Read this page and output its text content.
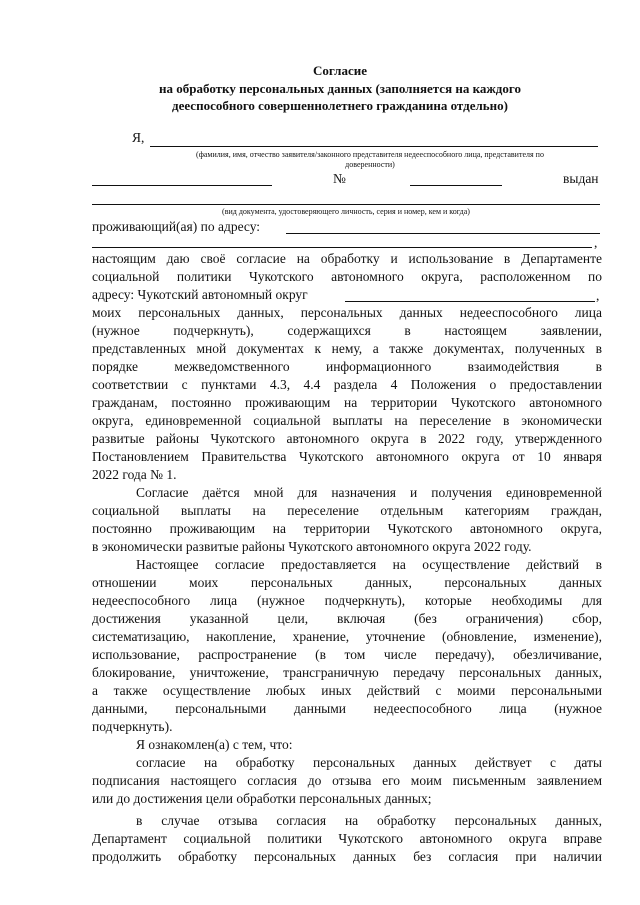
Согласие
на обработку персональных данных (заполняется на каждого
дееспособного совершеннолетнего гражданина отдельно)
Я,
(фамилия, имя, отчество заявителя/законного представителя недееспособного лица, представителя по
доверенности)
№	выдан
(вид документа, удостоверяющего личность, серия и номер, кем и когда)
проживающий(ая) по адресу:
,
настоящим даю своё согласие на обработку и использование в Департаменте
социальной политики Чукотского автономного округа, расположенном по
адресу: Чукотский автономный округ	,
моих персональных данных, персональных данных недееспособного лица
(нужное подчеркнуть), содержащихся в настоящем заявлении,
представленных мной документах к нему, а также документах, полученных в
порядке межведомственного информационного взаимодействия в
соответствии с пунктами 4.3, 4.4 раздела 4 Положения о предоставлении
гражданам, постоянно проживающим на территории Чукотского автономного
округа, единовременной социальной выплаты на переселение в экономически
развитые районы Чукотского автономного округа в 2022 году, утвержденного
Постановлением Правительства Чукотского автономного округа от 10 января
2022 года № 1.
Согласие даётся мной для назначения и получения единовременной
социальной выплаты на переселение отдельным категориям граждан,
постоянно проживающим на территории Чукотского автономного округа,
в экономически развитые районы Чукотского автономного округа 2022 году.
Настоящее согласие предоставляется на осуществление действий в
отношении моих персональных данных, персональных данных
недееспособного лица (нужное подчеркнуть), которые необходимы для
достижения указанной цели, включая (без ограничения) сбор,
систематизацию, накопление, хранение, уточнение (обновление, изменение),
использование, распространение (в том числе передачу), обезличивание,
блокирование, уничтожение, трансграничную передачу персональных данных,
а также осуществление любых иных действий с моими персональными
данными, персональными данными недееспособного лица (нужное
подчеркнуть).
Я ознакомлен(а) с тем, что:
согласие на обработку персональных данных действует с даты
подписания настоящего согласия до отзыва его моим письменным заявлением
или до достижения цели обработки персональных данных;
в случае отзыва согласия на обработку персональных данных,
Департамент социальной политики Чукотского автономного округа вправе
продолжить обработку персональных данных без согласия при наличии
